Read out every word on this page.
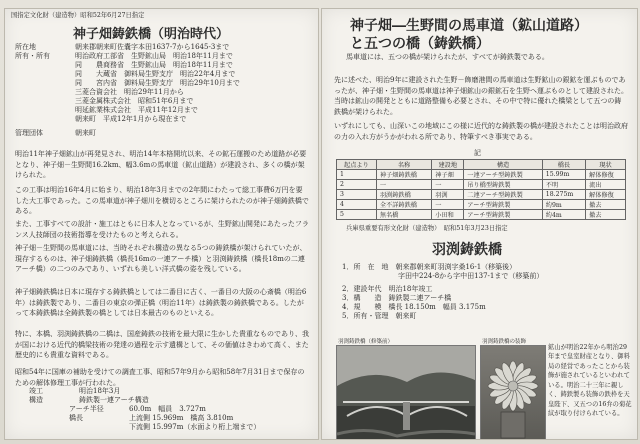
国指定文化財（建造物）昭和52年6月27日指定
神子畑鋳鉄橋（明治時代）
所在地	朝来郡朝来町佐嚢字本田1637-7から1645-3まで
所有・所有	明治政府工部省　生野鉱山局　明治18年11月まで
同　　農商務省　生野鉱山局　明治18年11月まで
同　　大蔵省　御料局生野支庁　明治22年4月まで
同　　宮内省　御料局生野支庁　明治29年10月まで
三菱合資会社　明治29年11月から
三菱金属株式会社　昭和51年6月まで
明延鉱業株式会社　平成11年12月まで
朝来町　平成12年1月から現在まで
管理団体	朝来町
明治11年神子畑鉱山が再発見され、明治14年本格開坑以来、その鉱石運搬のため道路が必要となり、神子畑－生野間16.2km、幅3.6mの馬車道（鉱山道路）が建設され、多くの橋が架けられた。
この工事は明治16年4月に始まり、明治18年3月までの2年間にわたって総工事費6万円を要した大工事であった。この馬車道が神子畑川を横切るところに架けられたのが神子畑鋳鉄橋である。
また、工事すべての設計・施工はともに日本人となっているが、生野鉱山開発にあたったフランス人技師団の技術指導を受けたものと考えられる。
神子畑－生野間の馬車道には、当時それぞれ構造の異なる5つの鋳鉄橋が架けられていたが、現存するものは、神子畑鋳鉄橋（橋長16mの一連アーチ橋）と羽渕鋳鉄橋（橋長18mの二連アーチ橋）の二つのみであり、いずれも美しい洋式橋の姿を残している。
神子畑鋳鉄橋は日本に現存する鋳鉄橋としては二番目に古く、一番目の大阪の心斎橋（明治6年）は鋳鉄製であり、二番目の東京の弾正橋（明治11年）は鋳鉄製の鋳鉄橋である。したがって本鋳鉄橋は全鋳鉄製の橋としては日本最古のものといえる。
特に、本橋、羽渕鋳鉄橋の二橋は、国産鋳鉄の技術を最大限に生かした貴重なものであり、我が国における近代的橋梁技術の発達の過程を示す遺構として、その価値はきわめて高く、また歴史的にも貴重な資料である。
昭和54年に国庫の補助を受けての調査工事、昭和57年9月から昭和58年7月31日まで保存のための解体修理工事が行われた。
竣工	明治18年3月
構造	鋳鉄製一連アーチ構造
アーチ半径	60.0m　幅員　3.727m
橋長	上流側 15.969m　橋高 3.810m
下流側 15.997m（水面より桁上端まで）
神子畑―生野間の馬車道（鉱山道路）
と五つの橋（鋳鉄橋）
馬車道には、五つの橋が架けられたが、すべてが鋳鉄製である。
先に述べた、明治9年に建設された生野－飾磨港間の馬車道は生野鉱山の銀鉱を運ぶものであったが、神子畑・生野間の馬車道は神子畑鉱山の銀鉱石を生野へ運ぶものとして建設された。当時は鉱山の開発とともに道路整備も必要とされ、その中で特に優れた橋梁として五つの鋳鉄橋が架けられた。
いずれにしても、山深いこの地域にこの様に近代的な鋳鉄製の橋が建設されたことは明治政府の力の入れ方がうかがわれる所であり、特筆すべき事実である。
記
起点より	名称	建設地	構造	橋長	現状
1	神子畑鋳鉄橋	神子畑	一連アーチ型鋳鉄製	15.99m	解体修復
2	一	一	吊り橋型鋳鉄製	不明	流出
3	羽渕鋳鉄橋	羽渕	二連アーチ型鋳鉄製	18.275m	解体修復
4	全不詳鋳鉄橋	一	アーチ型鋳鉄製	約9m	撤去
5	無名橋	小田和	アーチ型鋳鉄製	約4m	撤去
兵庫県重要有形文化財（建造物）　昭和51年3月23日指定
羽渕鋳鉄橋
1．所　在　地　朝来郡朝来町羽渕字桑16-1（移築後）
　　　　　　　　字田中224-8から字中田137-1まで（移築前）
2．建設年代　明治18年竣工
3．構　　造　鋳鉄製二連アーチ橋
4．規　　模　橋長 18.150m　幅員 3.175m
5．所有・管理　朝来町
羽渕鋳鉄橋（修築前）	羽渕鋳鉄橋の装飾
鉱山が明治22年から明治29年まで皇室財産となり、御料局の経営であったことから装飾が施されているといわれている。明治二十三年に親しく、鋳鉄製ら装飾の鉄枠を天皇陛下、又五つの16弁の菊花紋が取り付けられている。
